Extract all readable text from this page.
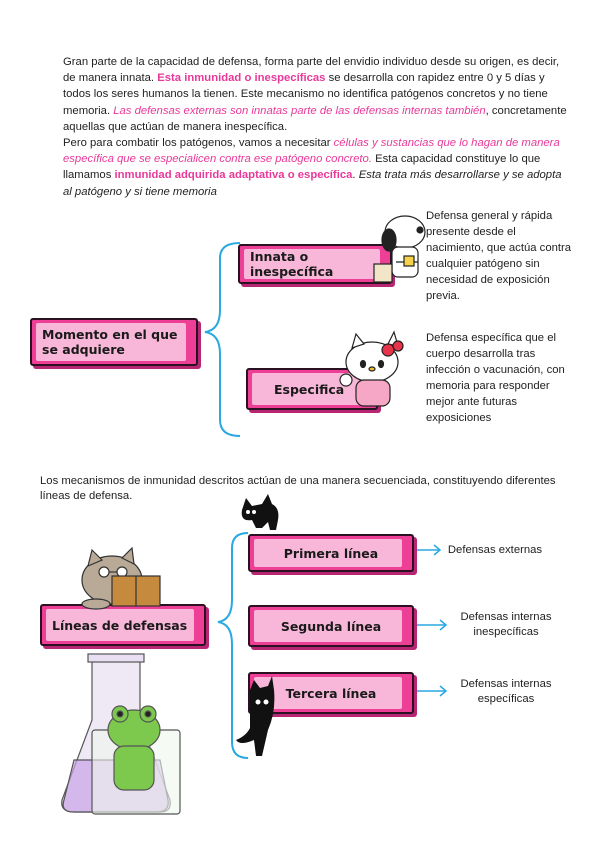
Gran parte de la capacidad de defensa, forma parte del envidio individuo desde su origen, es decir, de manera innata. Esta inmunidad o inespecíficas se desarrolla con rapidez entre 0 y 5 días y todos los seres humanos la tienen. Este mecanismo no identifica patógenos concretos y no tiene memoria. Las defensas externas son innatas parte de las defensas internas también, concretamente aquellas que actúan de manera inespecífica.

Pero para combatir los patógenos, vamos a necesitar células y sustancias que lo hagan de manera específica que se especialicen contra ese patógeno concreto. Esta capacidad constituye lo que llamamos inmunidad adquirida adaptativa o específica. Esta trata más desarrollarse y se adopta al patógeno y si tiene memoria

Momento en el que se adquiere
Innata o inespecífica
Especifica
Defensa general y rápida presente desde el nacimiento, que actúa contra cualquier patógeno sin necesidad de exposición previa.
Defensa específica que el cuerpo desarrolla tras infección o vacunación, con memoria para responder mejor ante futuras exposiciones
Los mecanismos de inmunidad descritos actúan de una manera secuenciada, constituyendo diferentes líneas de defensa.
Líneas de defensas
Primera línea
Segunda línea
Tercera línea
Defensas externas
Defensas internas inespecíficas
Defensas internas específicas
